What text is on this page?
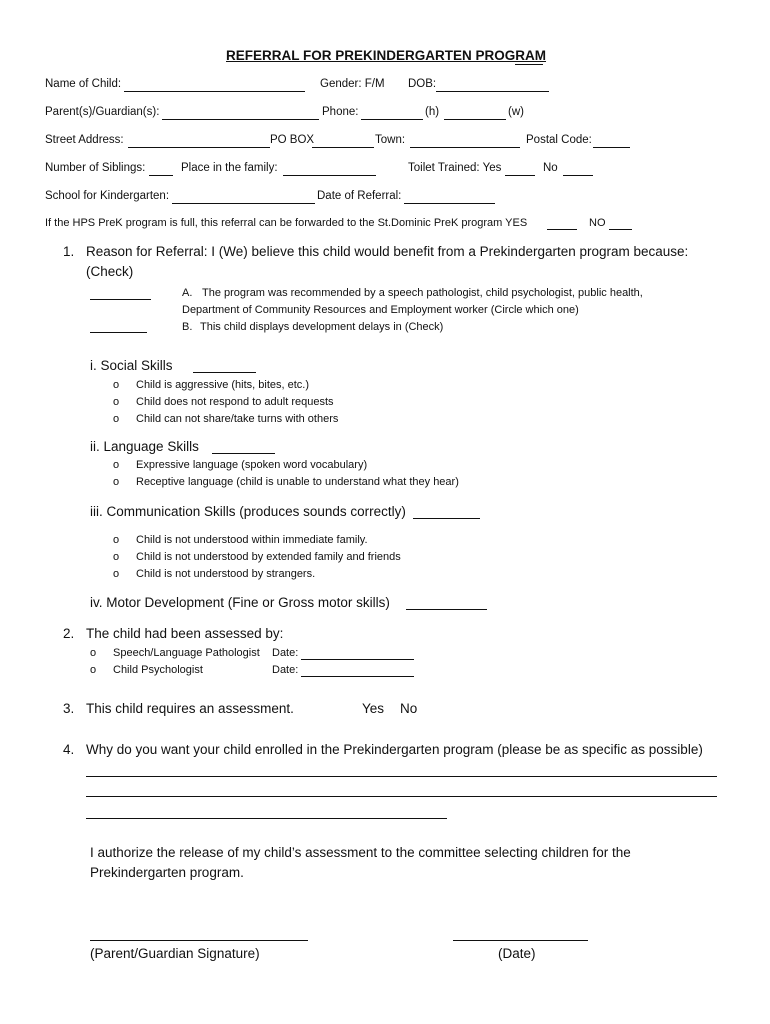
REFERRAL FOR PREKINDERGARTEN PROGRAM
Name of Child:	Gender: F/M DOB:
Parent(s)/Guardian(s):	Phone:	(h)	(w)
Street Address:	PO BOX	Town:	Postal Code:
Number of Siblings:	Place in the family:	Toilet Trained: Yes	No
School for Kindergarten:	Date of Referral:
If the HPS PreK program is full, this referral can be forwarded to the St.Dominic PreK program YES	NO
1. Reason for Referral: I (We) believe this child would benefit from a Prekindergarten program because:
(Check)
A. The program was recommended by a speech pathologist, child psychologist, public health,
Department of Community Resources and Employment worker (Circle which one)
B. This child displays development delays in (Check)
i. Social Skills
o Child is aggressive (hits, bites, etc.)
o Child does not respond to adult requests
o Child can not share/take turns with others
ii. Language Skills
o Expressive language (spoken word vocabulary)
o Receptive language (child is unable to understand what they hear)
iii. Communication Skills (produces sounds correctly)
o Child is not understood within immediate family.
o Child is not understood by extended family and friends
o Child is not understood by strangers.
iv. Motor Development (Fine or Gross motor skills)
2. The child had been assessed by:
o Speech/Language Pathologist Date:
o Child Psychologist	Date:
3. This child requires an assessment.	Yes No
4. Why do you want your child enrolled in the Prekindergarten program (please be as specific as possible)
I authorize the release of my child’s assessment to the committee selecting children for the
Prekindergarten program.
(Parent/Guardian Signature)	(Date)
